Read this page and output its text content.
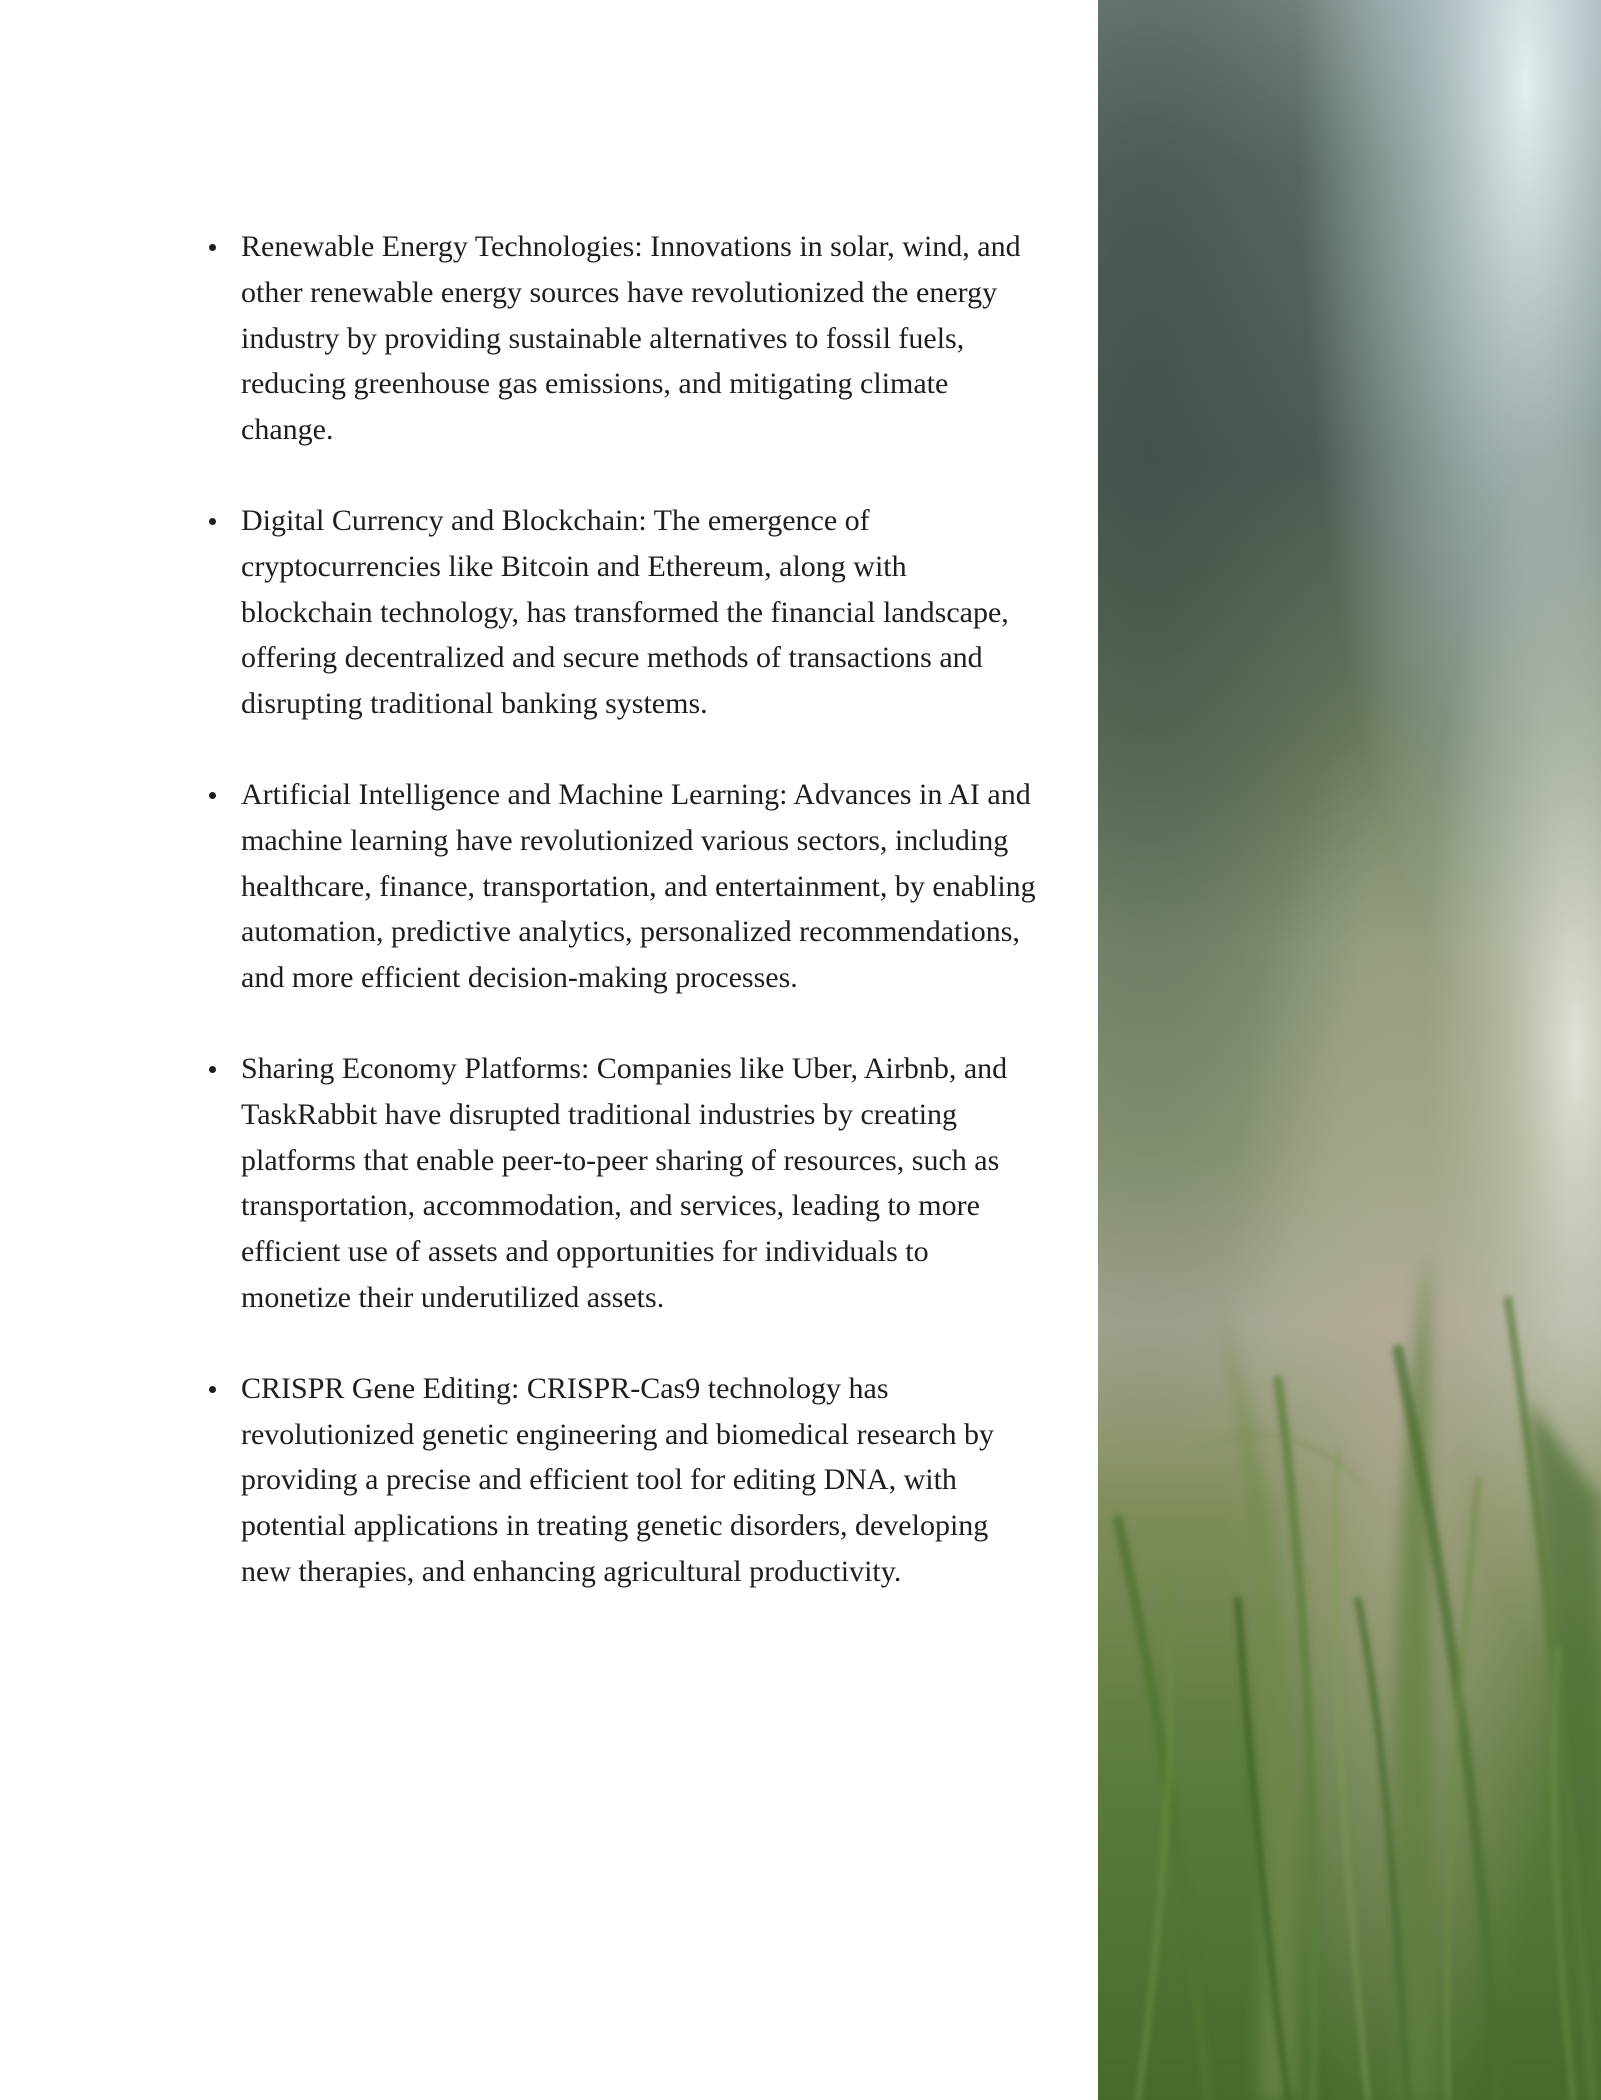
Renewable Energy Technologies: Innovations in solar, wind, and other renewable energy sources have revolutionized the energy industry by providing sustainable alternatives to fossil fuels, reducing greenhouse gas emissions, and mitigating climate change.
Digital Currency and Blockchain: The emergence of cryptocurrencies like Bitcoin and Ethereum, along with blockchain technology, has transformed the financial landscape, offering decentralized and secure methods of transactions and disrupting traditional banking systems.
Artificial Intelligence and Machine Learning: Advances in AI and machine learning have revolutionized various sectors, including healthcare, finance, transportation, and entertainment, by enabling automation, predictive analytics, personalized recommendations, and more efficient decision-making processes.
Sharing Economy Platforms: Companies like Uber, Airbnb, and TaskRabbit have disrupted traditional industries by creating platforms that enable peer-to-peer sharing of resources, such as transportation, accommodation, and services, leading to more efficient use of assets and opportunities for individuals to monetize their underutilized assets.
CRISPR Gene Editing: CRISPR-Cas9 technology has revolutionized genetic engineering and biomedical research by providing a precise and efficient tool for editing DNA, with potential applications in treating genetic disorders, developing new therapies, and enhancing agricultural productivity.
